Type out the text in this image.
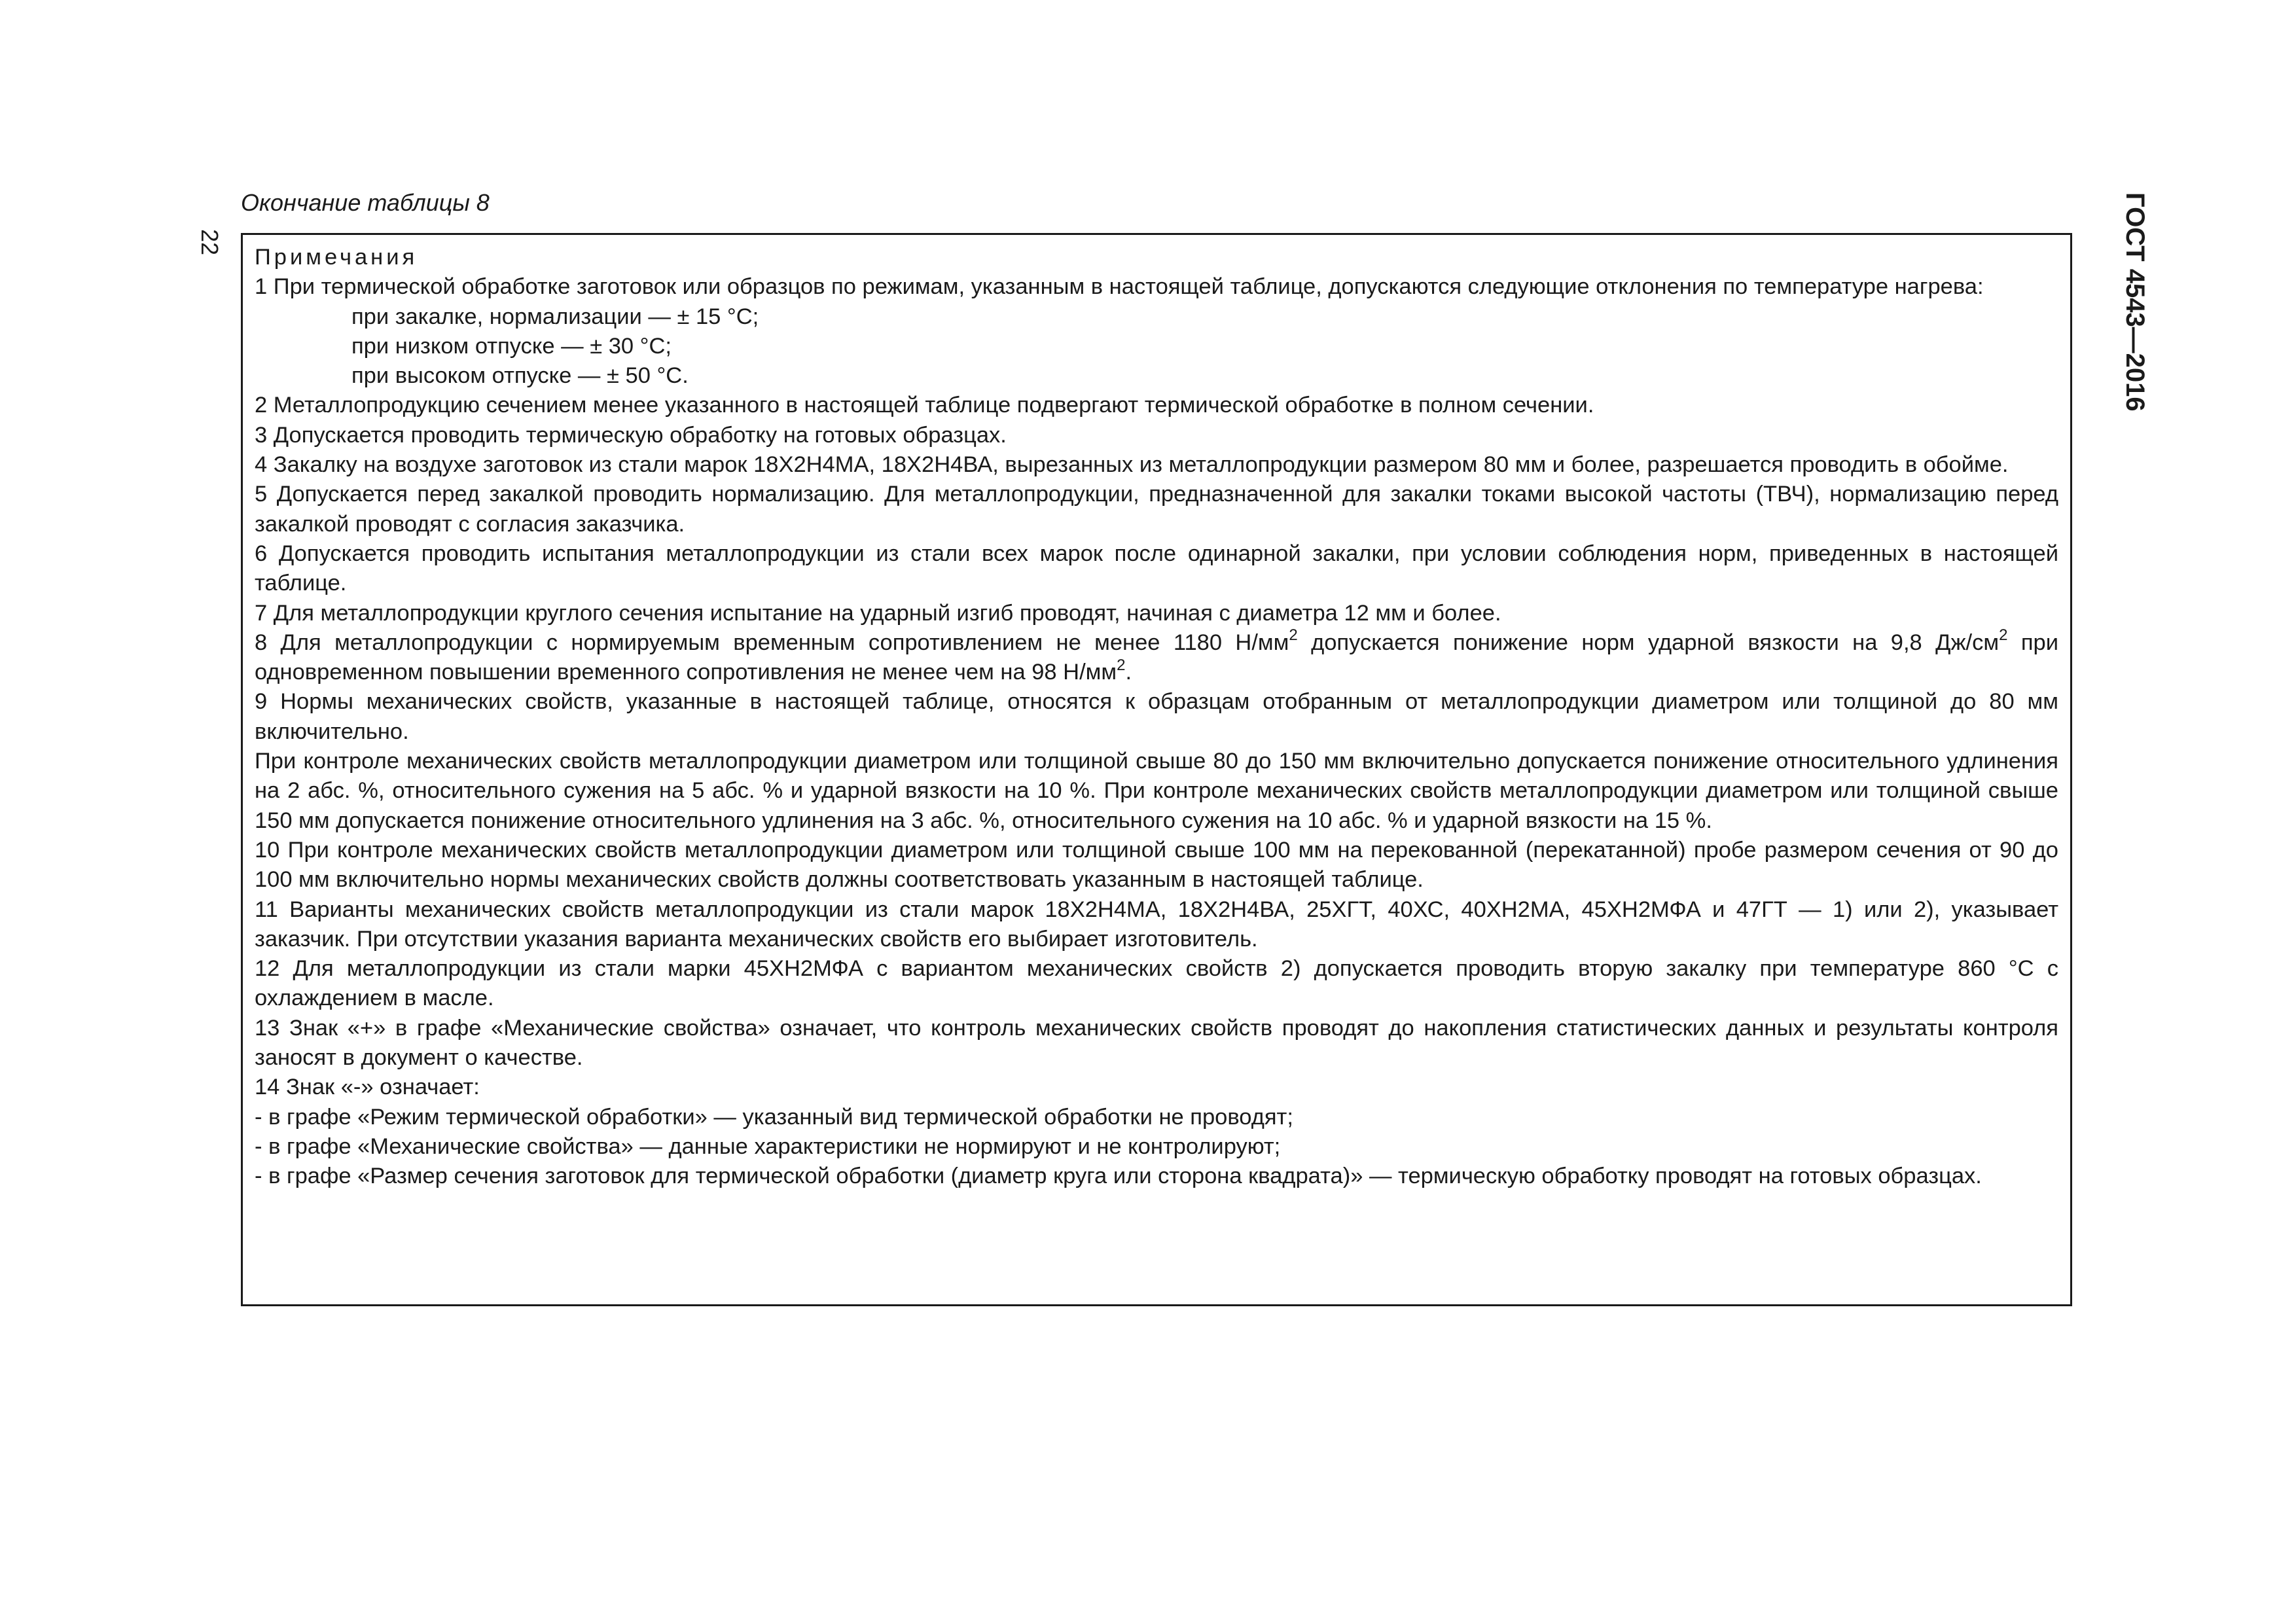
22
Окончание таблицы 8	ГОСТ 4543—2016

Примечания

1 При термической обработке заготовок или образцов по режимам, указанным в настоящей таблице, допускаются следующие отклонения по температуре нагрева:

при закалке, нормализации — ± 15 °С;

при низком отпуске — ± 30 °С;

при высоком отпуске — ± 50 °С.

2 Металлопродукцию сечением менее указанного в настоящей таблице подвергают термической обработке в полном сечении.

3 Допускается проводить термическую обработку на готовых образцах.

4 Закалку на воздухе заготовок из стали марок 18Х2Н4МА, 18Х2Н4ВА, вырезанных из металлопродукции размером 80 мм и более, разрешается проводить в обойме.

5 Допускается перед закалкой проводить нормализацию. Для металлопродукции, предназначенной для закалки токами высокой частоты (ТВЧ), нормализацию перед закалкой проводят с согласия заказчика.

6 Допускается проводить испытания металлопродукции из стали всех марок после одинарной закалки, при условии соблюдения норм, приведенных в настоящей таблице.

7 Для металлопродукции круглого сечения испытание на ударный изгиб проводят, начиная с диаметра 12 мм и более.

8 Для металлопродукции с нормируемым временным сопротивлением не менее 1180 $Н/мм^2$ допускается понижение норм ударной вязкости на 9,8 $Дж/см^2$ при одновременном повышении временного сопротивления не менее чем на 98 $Н/мм^2$.

9 Нормы механических свойств, указанные в настоящей таблице, относятся к образцам отобранным от металлопродукции диаметром или толщиной до 80 мм включительно.

При контроле механических свойств металлопродукции диаметром или толщиной свыше 80 до 150 мм включительно допускается понижение относительного удлинения на 2 абс. %, относительного сужения на 5 абс. % и ударной вязкости на 10 %. При контроле механических свойств металлопродукции диаметром или толщиной свыше 150 мм допускается понижение относительного удлинения на 3 абс. %, относительного сужения на 10 абс. % и ударной вязкости на 15 %.

10 При контроле механических свойств металлопродукции диаметром или толщиной свыше 100 мм на перекованной (перекатанной) пробе размером сечения от 90 до 100 мм включительно нормы механических свойств должны соответствовать указанным в настоящей таблице.

11 Варианты механических свойств металлопродукции из стали марок 18Х2Н4МА, 18Х2Н4ВА, 25ХГТ, 40ХС, 40ХН2МА, 45ХН2МФА и 47ГТ — 1) или 2), указывает заказчик. При отсутствии указания варианта механических свойств его выбирает изготовитель.

12 Для металлопродукции из стали марки 45ХН2МФА с вариантом механических свойств 2) допускается проводить вторую закалку при температуре 860 °С с охлаждением в масле.

13 Знак «+» в графе «Механические свойства» означает, что контроль механических свойств проводят до накопления статистических данных и результаты контроля заносят в документ о качестве.

14 Знак «-» означает:

- в графе «Режим термической обработки» — указанный вид термической обработки не проводят;

- в графе «Механические свойства» — данные характеристики не нормируют и не контролируют;

- в графе «Размер сечения заготовок для термической обработки (диаметр круга или сторона квадрата)» — термическую обработку проводят на готовых образцах.
